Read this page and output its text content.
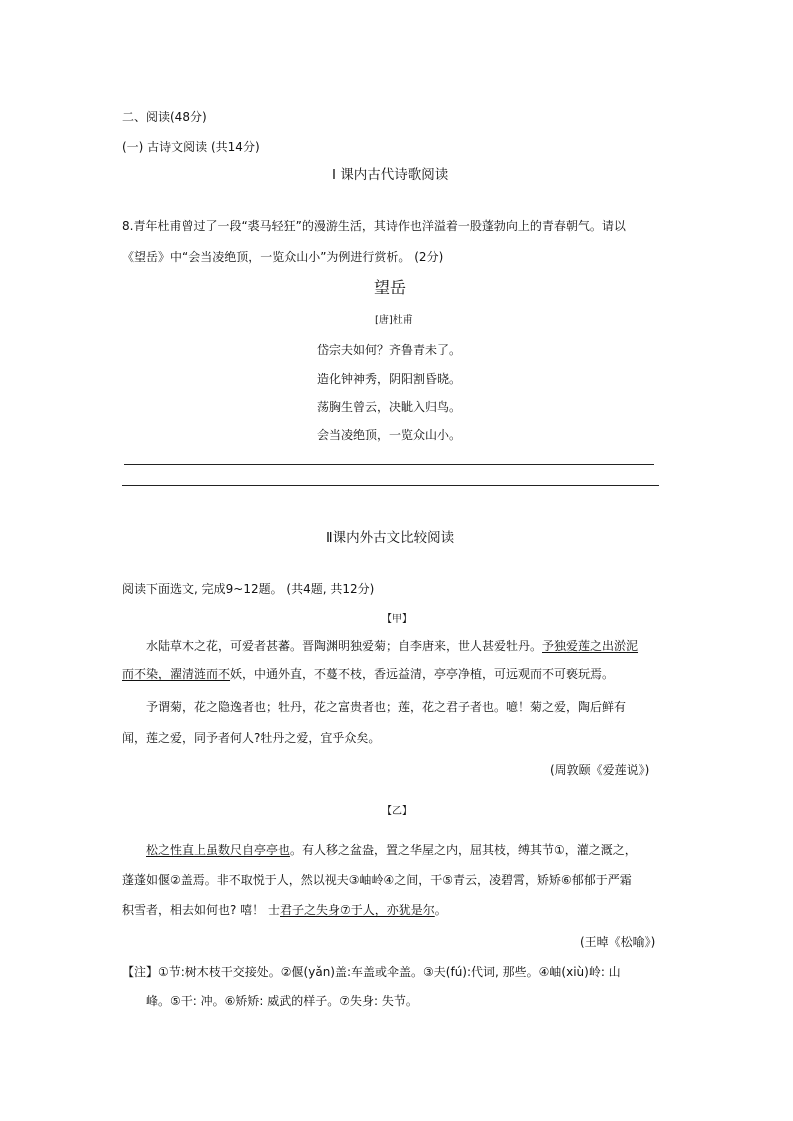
二、阅读(48分)
(一) 古诗文阅读 (共14分)
Ⅰ 课内古代诗歌阅读
8.青年杜甫曾过了一段“裘马轻狂”的漫游生活，其诗作也洋溢着一股蓬勃向上的青春朝气。请以
《望岳》中“会当凌绝顶，一览众山小”为例进行赏析。 (2分)
望岳
[唐]杜甫
岱宗夫如何？齐鲁青未了。
造化钟神秀，阴阳割昏晓。
荡胸生曾云，决眦入归鸟。
会当凌绝顶，一览众山小。
Ⅱ课内外古文比较阅读
阅读下面选文, 完成9~12题。 (共4题, 共12分)
【甲】
水陆草木之花，可爱者甚蕃。晋陶渊明独爱菊；自李唐来，世人甚爱牡丹。予独爱莲之出淤泥
而不染，濯清涟而不妖，中通外直，不蔓不枝，香远益清，亭亭净植，可远观而不可亵玩焉。
予谓菊，花之隐逸者也；牡丹，花之富贵者也；莲，花之君子者也。噫！菊之爱，陶后鲜有
闻，莲之爱，同予者何人?牡丹之爱，宜乎众矣。
(周敦颐《爱莲说》)
【乙】
松之性直上虽数尺自亭亭也。有人移之盆盎，置之华屋之内，屈其枝，缚其节①，灌之溉之，
蓬蓬如偃②盖焉。非不取悦于人，然以视夫③岫岭④之间，干⑤青云，凌碧霄，矫矫⑥郁郁于严霜
积雪者，相去如何也? 嘻！ 士君子之失身⑦于人，亦犹是尔。
(王晫《松喻》)
【注】①节:树木枝干交接处。②偃(yǎn)盖:车盖或伞盖。③夫(fú):代词, 那些。④岫(xiù)岭: 山
峰。⑤干: 冲。⑥矫矫: 威武的样子。⑦失身: 失节。
